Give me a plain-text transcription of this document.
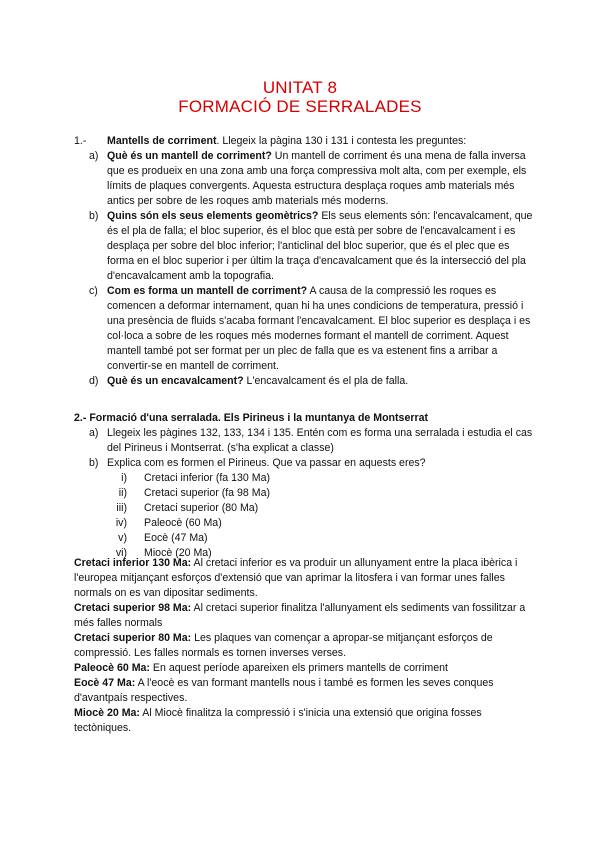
UNITAT 8
FORMACIÓ DE SERRALADES

1.- Mantells de corriment. Llegeix la pàgina 130 i 131 i contesta les preguntes:

a) Què és un mantell de corriment? Un mantell de corriment és una mena de falla inversa que es produeix en una zona amb una força compressiva molt alta, com per exemple, els límits de plaques convergents. Aquesta estructura desplaça roques amb materials més antics per sobre de les roques amb materials més moderns.
b) Quins són els seus elements geomètrics? Els seus elements són: l'encavalcament, que és el pla de falla; el bloc superior, és el bloc que està per sobre de l'encavalcament i es desplaça per sobre del bloc inferior; l'anticlinal del bloc superior, que és el plec que es forma en el bloc superior i per últim la traça d'encavalcament que és la intersecció del pla d'encavalcament amb la topografia.
c) Com es forma un mantell de corriment? A causa de la compressió les roques es comencen a deformar internament, quan hi ha unes condicions de temperatura, pressió i una presència de fluids s'acaba formant l'encavalcament. El bloc superior es desplaça i es col·loca a sobre de les roques més modernes formant el mantell de corriment. Aquest mantell també pot ser format per un plec de falla que es va estenent fins a arribar a convertir-se en mantell de corriment.
d) Què és un encavalcament? L'encavalcament és el pla de falla.

2.- Formació d'una serralada. Els Pirineus i la muntanya de Montserrat

a) Llegeix les pàgines 132, 133, 134 i 135. Entén com es forma una serralada i estudia el cas del Pirineus i Montserrat. (s'ha explicat a classe)
b) Explica com es formen el Pirineus. Que va passar en aquests eres?
i) Cretaci inferior (fa 130 Ma)
ii) Cretaci superior (fa 98 Ma)
iii) Cretaci superior (80 Ma)
iv) Paleocè (60 Ma)
v) Eocè (47 Ma)
vi) Miocè (20 Ma)

Cretaci inferior 130 Ma: Al cretaci inferior es va produir un allunyament entre la placa ibèrica i l'europea mitjançant esforços d'extensió que van aprimar la litosfera i van formar unes falles normals on es van dipositar sediments.

Cretaci superior 98 Ma: Al cretaci superior finalitza l'allunyament els sediments van fossilitzar a més falles normals

Cretaci superior 80 Ma: Les plaques van començar a apropar-se mitjançant esforços de compressió. Les falles normals es tornen inverses verses.

Paleocè 60 Ma: En aquest període apareixen els primers mantells de corriment

Eocè 47 Ma: A l'eocè es van formant mantells nous i també es formen les seves conques d'avantpaís respectives.

Miocè 20 Ma: Al Miocè finalitza la compressió i s'inicia una extensió que origina fosses tectòniques.
